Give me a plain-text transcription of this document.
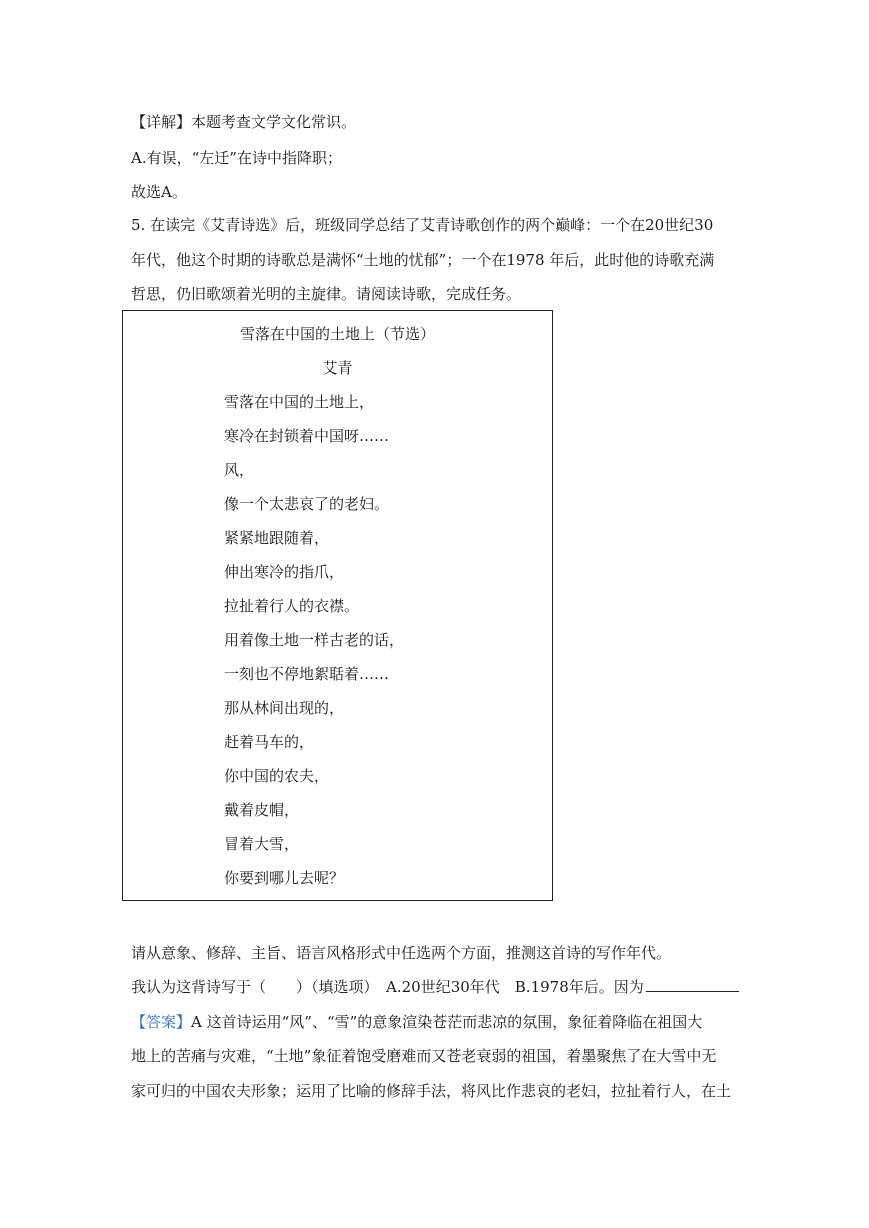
【详解】本题考查文学文化常识。
A.有误，“左迁”在诗中指降职；
故选A。
5. 在读完《艾青诗选》后，班级同学总结了艾青诗歌创作的两个巅峰：一个在20世纪30
年代，他这个时期的诗歌总是满怀“土地的忧郁”；一个在1978 年后，此时他的诗歌充满
哲思，仍旧歌颂着光明的主旋律。请阅读诗歌，完成任务。
雪落在中国的土地上（节选）
艾青
雪落在中国的土地上，
寒冷在封锁着中国呀……
风，
像一个太悲哀了的老妇。
紧紧地跟随着，
伸出寒冷的指爪，
拉扯着行人的衣襟。
用着像土地一样古老的话，
一刻也不停地絮聒着……
那从林间出现的，
赶着马车的，
你中国的农夫，
戴着皮帽，
冒着大雪，
你要到哪儿去呢？
请从意象、修辞、主旨、语言风格形式中任选两个方面，推测这首诗的写作年代。
我认为这背诗写于（　　）（填选项）　A.20世纪30年代　B.1978年后。因为
【答案】A 这首诗运用“风”、“雪”的意象渲染苍茫而悲凉的氛围，象征着降临在祖国大
地上的苦痛与灾难，“土地”象征着饱受磨难而又苍老衰弱的祖国，着墨聚焦了在大雪中无
家可归的中国农夫形象；运用了比喻的修辞手法，将风比作悲哀的老妇，拉扯着行人，在土
